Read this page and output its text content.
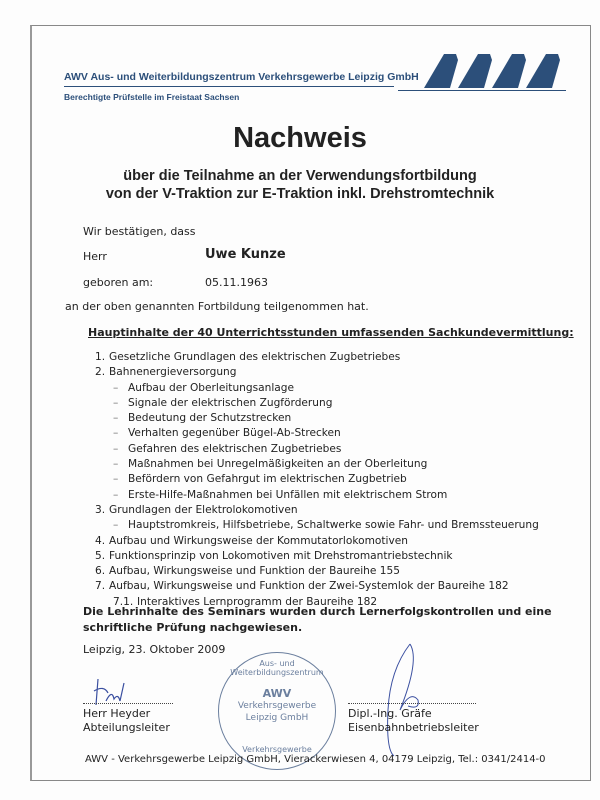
AWV Aus- und Weiterbildungszentrum Verkehrsgewerbe Leipzig GmbH
Berechtigte Prüfstelle im Freistaat Sachsen
Nachweis
über die Teilnahme an der Verwendungsfortbildung
von der V-Traktion zur E-Traktion inkl. Drehstromtechnik
Wir bestätigen, dass
Herr	Uwe Kunze
geboren am:	05.11.1963
an der oben genannten Fortbildung teilgenommen hat.
Hauptinhalte der 40 Unterrichtsstunden umfassenden Sachkundevermittlung:
1. Gesetzliche Grundlagen des elektrischen Zugbetriebes
2. Bahnenergieversorgung
– Aufbau der Oberleitungsanlage
– Signale der elektrischen Zugförderung
– Bedeutung der Schutzstrecken
– Verhalten gegenüber Bügel-Ab-Strecken
– Gefahren des elektrischen Zugbetriebes
– Maßnahmen bei Unregelmäßigkeiten an der Oberleitung
– Befördern von Gefahrgut im elektrischen Zugbetrieb
– Erste-Hilfe-Maßnahmen bei Unfällen mit elektrischem Strom
3. Grundlagen der Elektrolokomotiven
– Hauptstromkreis, Hilfsbetriebe, Schaltwerke sowie Fahr- und Bremssteuerung
4. Aufbau und Wirkungsweise der Kommutatorlokomotiven
5. Funktionsprinzip von Lokomotiven mit Drehstromantriebstechnik
6. Aufbau, Wirkungsweise und Funktion der Baureihe 155
7. Aufbau, Wirkungsweise und Funktion der Zwei-Systemlok der Baureihe 182
7.1. Interaktives Lernprogramm der Baureihe 182
Die Lehrinhalte des Seminars wurden durch Lernerfolgskontrollen und eine
schriftliche Prüfung nachgewiesen.
Leipzig, 23. Oktober 2009
Herr Heyder
Abteilungsleiter
Aus- und Weiterbildungszentrum
AWV
Verkehrsgewerbe
Leipzig GmbH
Verkehrsgewerbe
Dipl.-Ing. Gräfe
Eisenbahnbetriebsleiter
AWV - Verkehrsgewerbe Leipzig GmbH, Vierackerwiesen 4, 04179 Leipzig, Tel.: 0341/2414-0
